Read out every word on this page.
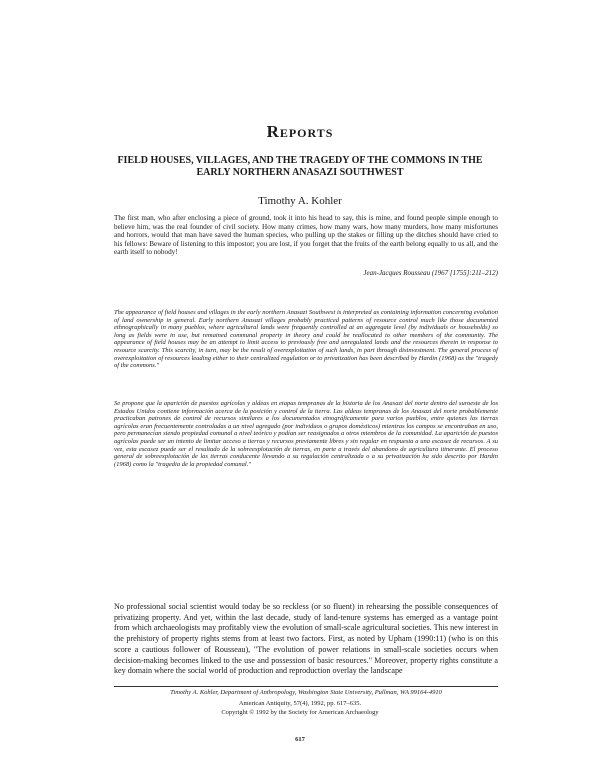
Reports
FIELD HOUSES, VILLAGES, AND THE TRAGEDY OF THE COMMONS IN THE EARLY NORTHERN ANASAZI SOUTHWEST
Timothy A. Kohler
The first man, who after enclosing a piece of ground, took it into his head to say, this is mine, and found people simple enough to believe him, was the real founder of civil society. How many crimes, how many wars, how many murders, how many misfortunes and horrors, would that man have saved the human species, who pulling up the stakes or filling up the ditches should have cried to his fellows: Beware of listening to this impostor; you are lost, if you forget that the fruits of the earth belong equally to us all, and the earth itself to nobody!
Jean-Jacques Rousseau (1967 [1755]:211–212)
The appearance of field houses and villages in the early northern Anasazi Southwest is interpreted as containing information concerning evolution of land ownership in general. Early northern Anasazi villages probably practiced patterns of resource control much like those documented ethnographically in many pueblos, where agricultural lands were frequently controlled at an aggregate level (by individuals or households) so long as fields were in use, but remained communal property in theory and could be reallocated to other members of the community. The appearance of field houses may be an attempt to limit access to previously free and unregulated lands and the resources therein in response to resource scarcity. This scarcity, in turn, may be the result of overexploitation of such lands, in part through disinvestment. The general process of overexploitation of resources leading either to their centralized regulation or to privatization has been described by Hardin (1968) as the "tragedy of the commons."
Se propone que la aparición de puestos agrícolas y aldeas en etapas tempranas de la historia de los Anasazi del norte dentro del suroeste de los Estados Unidos contiene información acerca de la posición y control de la tierra. Las aldeas tempranas de los Anasazi del norte probablemente practicaban patrones de control de recursos similares a los documentados etnográficamente para varios pueblos, entre quienes las tierras agrícolas eran frecuentemente controladas a un nivel agregado (por individuos o grupos domésticos) mientras los campos se encontraban en uso, pero permanecían siendo propiedad comunal a nivel teórico y podían ser reasignados a otros miembros de la comunidad. La aparición de puestos agrícolas puede ser un intento de limitar acceso a tierras y recursos previamente libres y sin regular en respuesta a una escasez de recursos. A su vez, esta escasez puede ser el resultado de la sobreexplotación de tierras, en parte a través del abandono de agricultura itinerante. El proceso general de sobreexplotación de las tierras conducente llevando a su regulación centralizada o a su privatización ha sido descrito por Hardin (1968) como la "tragedia de la propiedad comunal."
No professional social scientist would today be so reckless (or so fluent) in rehearsing the possible consequences of privatizing property. And yet, within the last decade, study of land-tenure systems has emerged as a vantage point from which archaeologists may profitably view the evolution of small-scale agricultural societies. This new interest in the prehistory of property rights stems from at least two factors. First, as noted by Upham (1990:11) (who is on this score a cautious follower of Rousseau), "The evolution of power relations in small-scale societies occurs when decision-making becomes linked to the use and possession of basic resources." Moreover, property rights constitute a key domain where the social world of production and reproduction overlay the landscape
Timothy A. Kohler, Department of Anthropology, Washington State University, Pullman, WA 99164-4910
American Antiquity, 57(4), 1992, pp. 617–635.
Copyright © 1992 by the Society for American Archaeology
617
